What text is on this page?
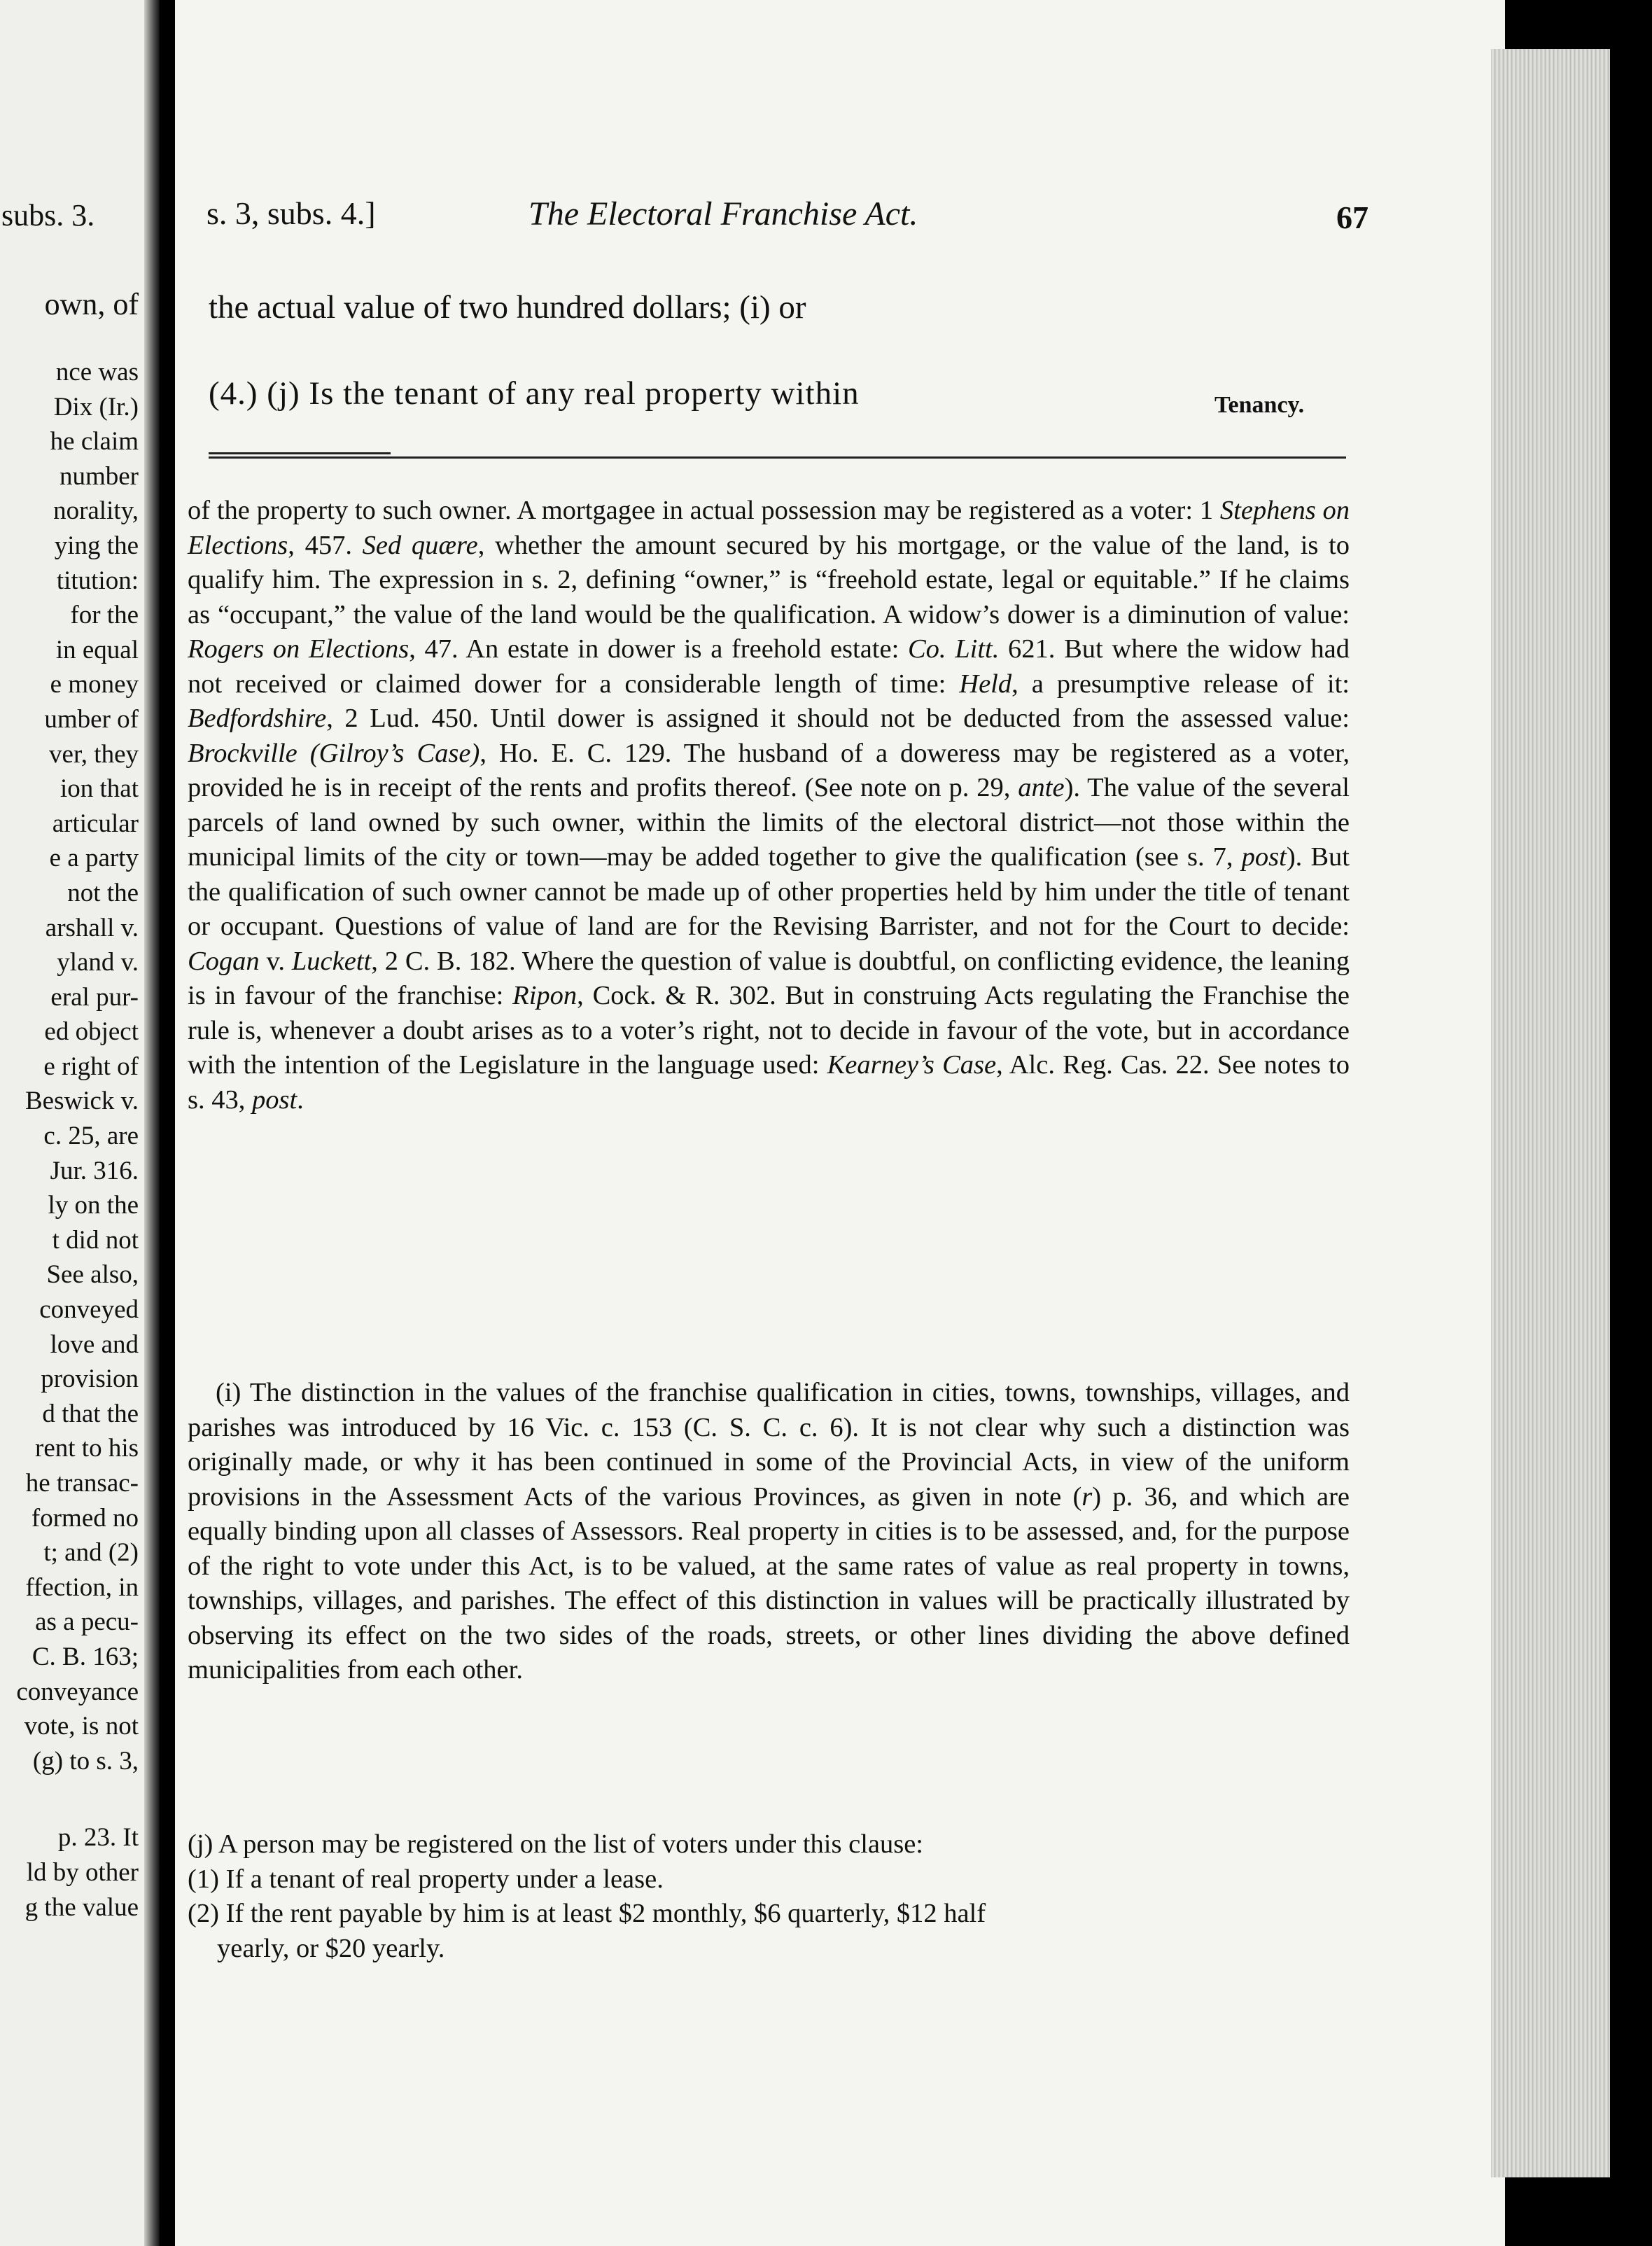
subs. 3.
own, of
nce was
Dix (Ir.)
he claim
number
norality,
ying the
titution:
for the
in equal
e money
umber of
ver, they
ion that
articular
e a party
not the
arshall v.
yland v.
eral pur-
ed object
e right of
Beswick v.
c. 25, are
Jur. 316.
ly on the
t did not
See also,
conveyed
love and
provision
d that the
rent to his
he transac-
formed no
t; and (2)
ffection, in
as a pecu-
C. B. 163;
conveyance
vote, is not
(g) to s. 3,
p. 23. It
ld by other
g the value
s. 3, subs. 4.]	The Electoral Franchise Act.	67
the actual value of two hundred dollars; (i) or
(4.) (j) Is the tenant of any real property within	Tenancy.

of the property to such owner. A mortgagee in actual possession may be registered as a voter: 1 Stephens on Elections, 457. Sed quære, whether the amount secured by his mortgage, or the value of the land, is to qualify him. The expression in s. 2, defining “owner,” is “freehold estate, legal or equitable.” If he claims as “occupant,” the value of the land would be the qualification. A widow’s dower is a diminution of value: Rogers on Elections, 47. An estate in dower is a freehold estate: Co. Litt. 621. But where the widow had not received or claimed dower for a considerable length of time: Held, a presumptive release of it: Bedfordshire, 2 Lud. 450. Until dower is assigned it should not be deducted from the assessed value: Brockville (Gilroy’s Case), Ho. E. C. 129. The husband of a doweress may be registered as a voter, provided he is in receipt of the rents and profits thereof. (See note on p. 29, ante). The value of the several parcels of land owned by such owner, within the limits of the electoral district—not those within the municipal limits of the city or town—may be added together to give the qualification (see s. 7, post). But the qualification of such owner cannot be made up of other properties held by him under the title of tenant or occupant. Questions of value of land are for the Revising Barrister, and not for the Court to decide: Cogan v. Luckett, 2 C. B. 182. Where the question of value is doubtful, on conflicting evidence, the leaning is in favour of the franchise: Ripon, Cock. & R. 302. But in construing Acts regulating the Franchise the rule is, whenever a doubt arises as to a voter’s right, not to decide in favour of the vote, but in accordance with the intention of the Legislature in the language used: Kearney’s Case, Alc. Reg. Cas. 22. See notes to s. 43, post.

(i) The distinction in the values of the franchise qualification in cities, towns, townships, villages, and parishes was introduced by 16 Vic. c. 153 (C. S. C. c. 6). It is not clear why such a distinction was originally made, or why it has been continued in some of the Provincial Acts, in view of the uniform provisions in the Assessment Acts of the various Provinces, as given in note (r) p. 36, and which are equally binding upon all classes of Assessors. Real property in cities is to be assessed, and, for the purpose of the right to vote under this Act, is to be valued, at the same rates of value as real property in towns, townships, villages, and parishes. The effect of this distinction in values will be practically illustrated by observing its effect on the two sides of the roads, streets, or other lines dividing the above defined municipalities from each other.

(j) A person may be registered on the list of voters under this clause:

(1) If a tenant of real property under a lease.

(2) If the rent payable by him is at least $2 monthly, $6 quarterly, $12 half

yearly, or $20 yearly.
